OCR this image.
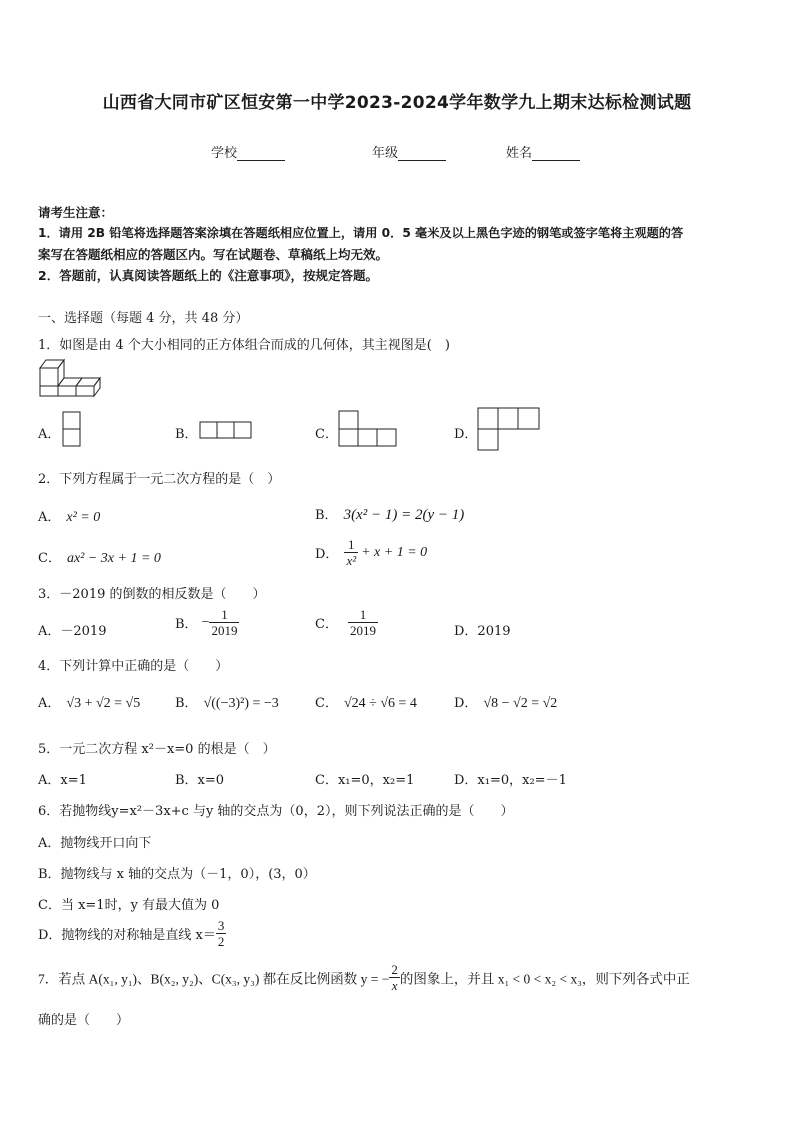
山西省大同市矿区恒安第一中学2023-2024学年数学九上期末达标检测试题
学校	年级	姓名
请考生注意：
1．请用 2B 铅笔将选择题答案涂填在答题纸相应位置上，请用 0．5 毫米及以上黑色字迹的钢笔或签字笔将主观题的答
案写在答题纸相应的答题区内。写在试题卷、草稿纸上均无效。
2．答题前，认真阅读答题纸上的《注意事项》，按规定答题。
一、选择题（每题 4 分，共 48 分）
1．如图是由 4 个大小相同的正方体组合而成的几何体，其主视图是(　)
A．	B．	C．	D．
2．下列方程属于一元二次方程的是（　）
A． x² = 0	B． 3(x² − 1) = 2(y − 1)
C． ax² − 3x + 1 = 0	D． $\frac{1}{\text{x²}} + x + 1 = 0$
3．－2019 的倒数的相反数是（　　）
A．－2019	B． − $\frac{1}{2019}$	C． $\frac{1}{2019}$	D．2019
4．下列计算中正确的是（　　）
A． √3 + √2 = √5	B． √((−3)²) = −3	C． √24 ÷ √6 = 4	D． √8 − √2 = √2
5．一元二次方程 x²－x=0 的根是（　）
A．x=1	B．x=0	C．x₁=0，x₂=1	D．x₁=0，x₂=－1
6．若抛物线y=x²－3x+c 与y 轴的交点为（0，2），则下列说法正确的是（　　）
A．抛物线开口向下
B．抛物线与 x 轴的交点为（－1，0），(3，0）
C．当 x=1时，y 有最大值为 0
D．抛物线的对称轴是直线 $x= \frac{3}{2}$
7．若点 A(x₁, y₁)、B(x₂, y₂)、C(x₃, y₃) 都在反比例函数 y = − $\frac{2}{x}$ 的图象上，并且 x₁ < 0 < x₂ < x₃，则下列各式中正
确的是（　　）
